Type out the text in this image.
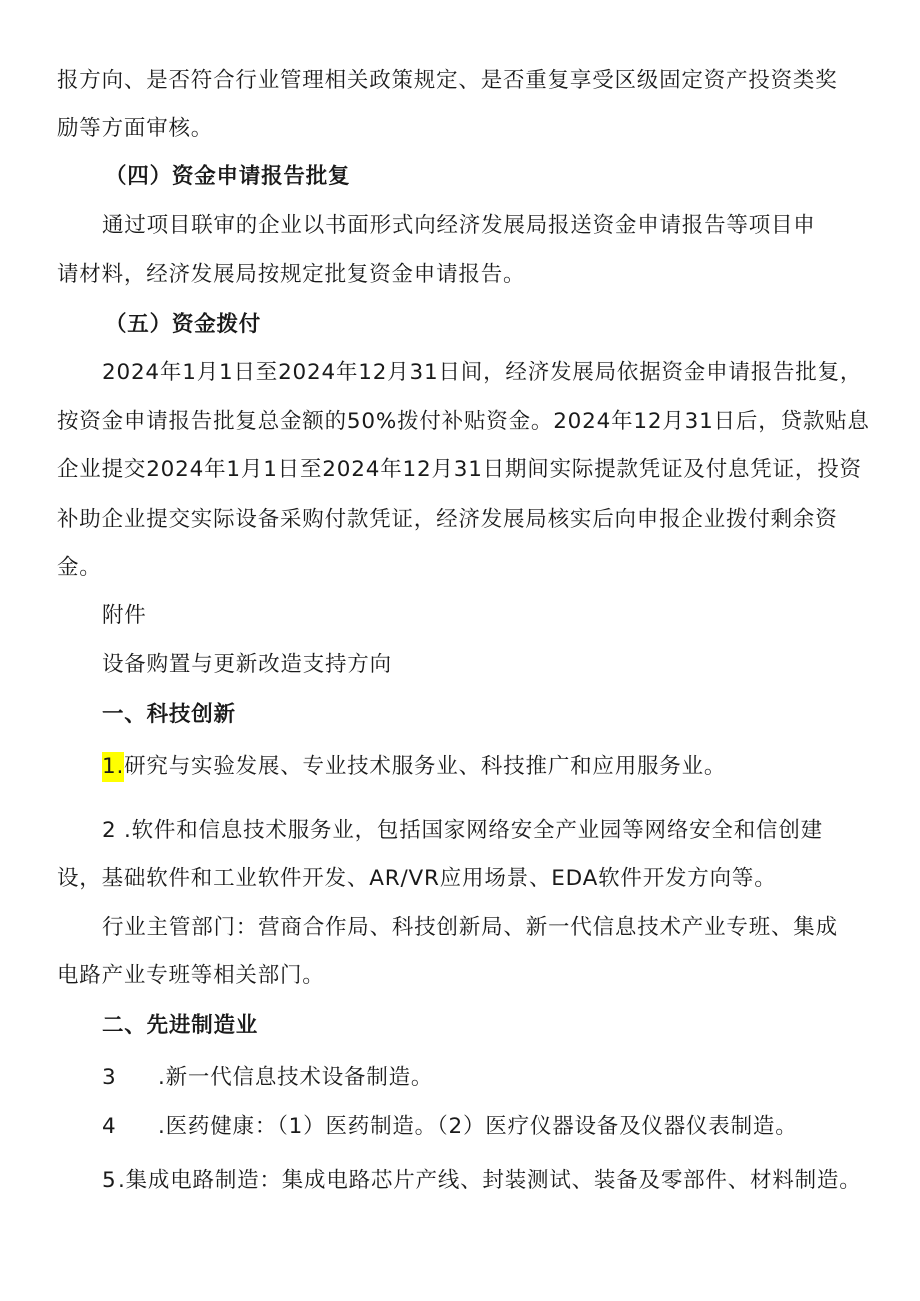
报方向、是否符合行业管理相关政策规定、是否重复享受区级固定资产投资类奖
励等方面审核。
（四）资金申请报告批复
通过项目联审的企业以书面形式向经济发展局报送资金申请报告等项目申
请材料，经济发展局按规定批复资金申请报告。
（五）资金拨付
2024年1月1日至2024年12月31日间，经济发展局依据资金申请报告批复，
按资金申请报告批复总金额的50%拨付补贴资金。2024年12月31日后，贷款贴息
企业提交2024年1月1日至2024年12月31日期间实际提款凭证及付息凭证，投资
补助企业提交实际设备采购付款凭证，经济发展局核实后向申报企业拨付剩余资
金。
附件
设备购置与更新改造支持方向
一、科技创新
1.研究与实验发展、专业技术服务业、科技推广和应用服务业。
2 .软件和信息技术服务业，包括国家网络安全产业园等网络安全和信创建
设，基础软件和工业软件开发、AR/VR应用场景、EDA软件开发方向等。
行业主管部门：营商合作局、科技创新局、新一代信息技术产业专班、集成
电路产业专班等相关部门。
二、先进制造业
3 .新一代信息技术设备制造。
4 .医药健康：（1）医药制造。（2）医疗仪器设备及仪器仪表制造。
5.集成电路制造：集成电路芯片产线、封装测试、装备及零部件、材料制造。
